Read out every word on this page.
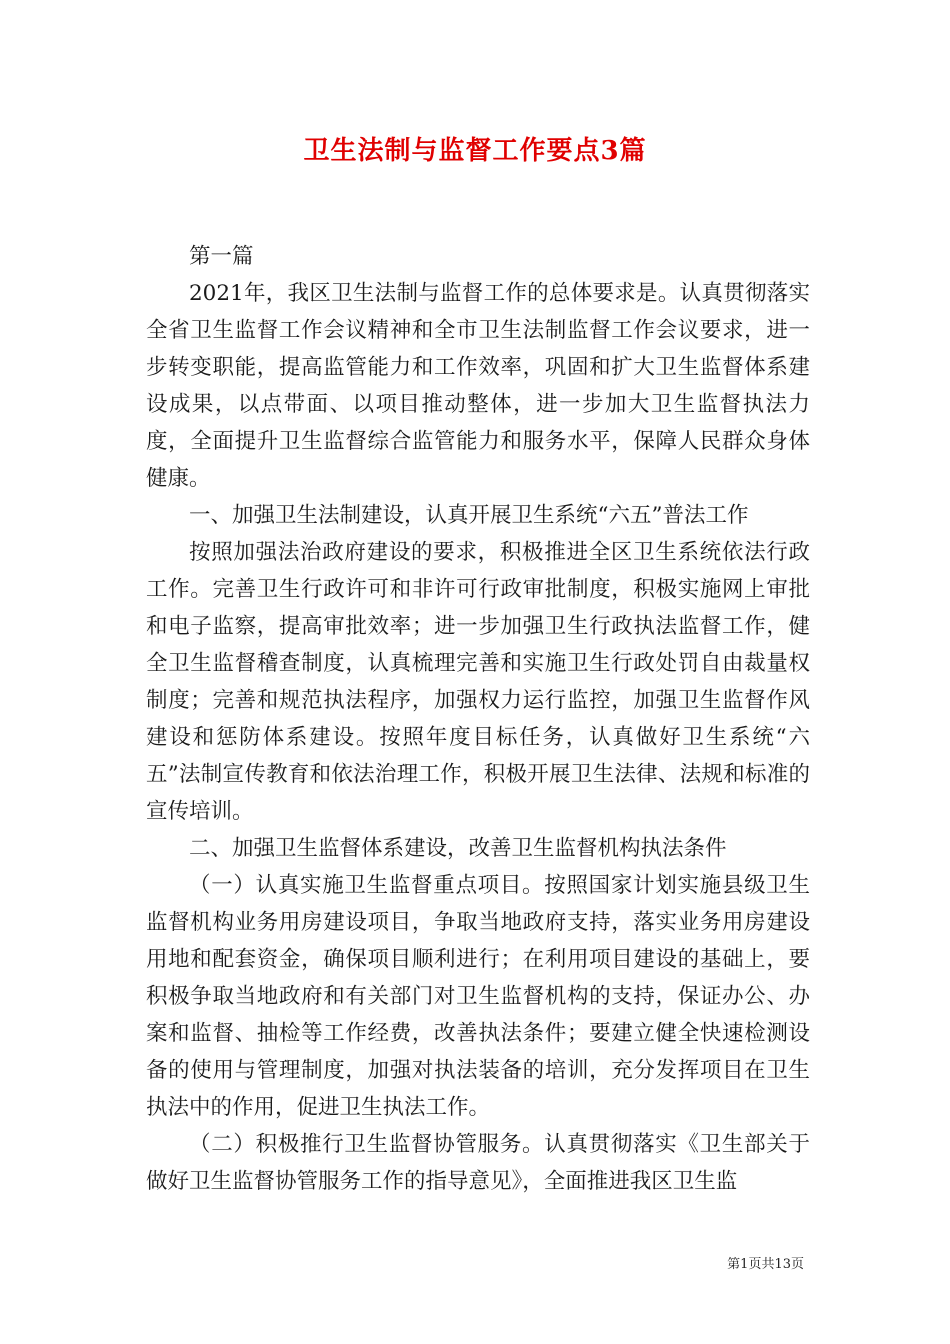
卫生法制与监督工作要点3篇

第一篇

2021年，我区卫生法制与监督工作的总体要求是。认真贯彻落实全省卫生监督工作会议精神和全市卫生法制监督工作会议要求，进一步转变职能，提高监管能力和工作效率，巩固和扩大卫生监督体系建设成果，以点带面、以项目推动整体，进一步加大卫生监督执法力度，全面提升卫生监督综合监管能力和服务水平，保障人民群众身体健康。

一、加强卫生法制建设，认真开展卫生系统“六五”普法工作

按照加强法治政府建设的要求，积极推进全区卫生系统依法行政工作。完善卫生行政许可和非许可行政审批制度，积极实施网上审批和电子监察，提高审批效率；进一步加强卫生行政执法监督工作，健全卫生监督稽查制度，认真梳理完善和实施卫生行政处罚自由裁量权制度；完善和规范执法程序，加强权力运行监控，加强卫生监督作风建设和惩防体系建设。按照年度目标任务，认真做好卫生系统“六五”法制宣传教育和依法治理工作，积极开展卫生法律、法规和标准的宣传培训。

二、加强卫生监督体系建设，改善卫生监督机构执法条件

（一）认真实施卫生监督重点项目。按照国家计划实施县级卫生监督机构业务用房建设项目，争取当地政府支持，落实业务用房建设用地和配套资金，确保项目顺利进行；在利用项目建设的基础上，要积极争取当地政府和有关部门对卫生监督机构的支持，保证办公、办案和监督、抽检等工作经费，改善执法条件；要建立健全快速检测设备的使用与管理制度，加强对执法装备的培训，充分发挥项目在卫生执法中的作用，促进卫生执法工作。

（二）积极推行卫生监督协管服务。认真贯彻落实《卫生部关于做好卫生监督协管服务工作的指导意见》，全面推进我区卫生监

第1页共13页
